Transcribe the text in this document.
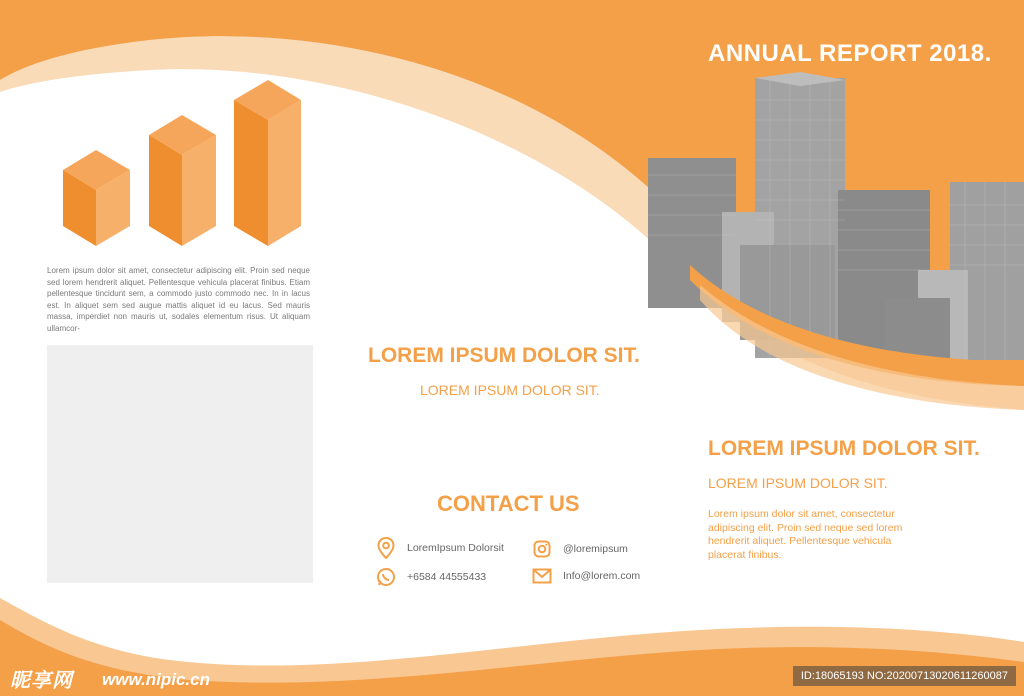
ANNUAL REPORT 2018.
Lorem ipsum dolor sit amet, consectetur adipiscing elit. Proin sed neque sed lorem hendrerit aliquet. Pellentesque vehicula placerat finibus. Etiam pellentesque tincidunt sem, a commodo justo commodo nec. In in lacus est. In aliquet sem sed augue mattis aliquet id eu lacus. Sed mauris massa, imperdiet non mauris ut, sodales elementum risus. Ut aliquam ullamcor-
LOREM IPSUM DOLOR SIT.
LOREM IPSUM DOLOR SIT.
CONTACT US
LoremIpsum Dolorsit
+6584 44555433
@loremipsum
Info@lorem.com
LOREM IPSUM DOLOR SIT.
LOREM IPSUM DOLOR SIT.
Lorem ipsum dolor sit amet, consectetur adipiscing elit. Proin sed neque sed lorem hendrerit aliquet. Pellentesque vehicula placerat finibus.
昵享网 www.nipic.cn	ID:18065193 NO:20200713020611260087
